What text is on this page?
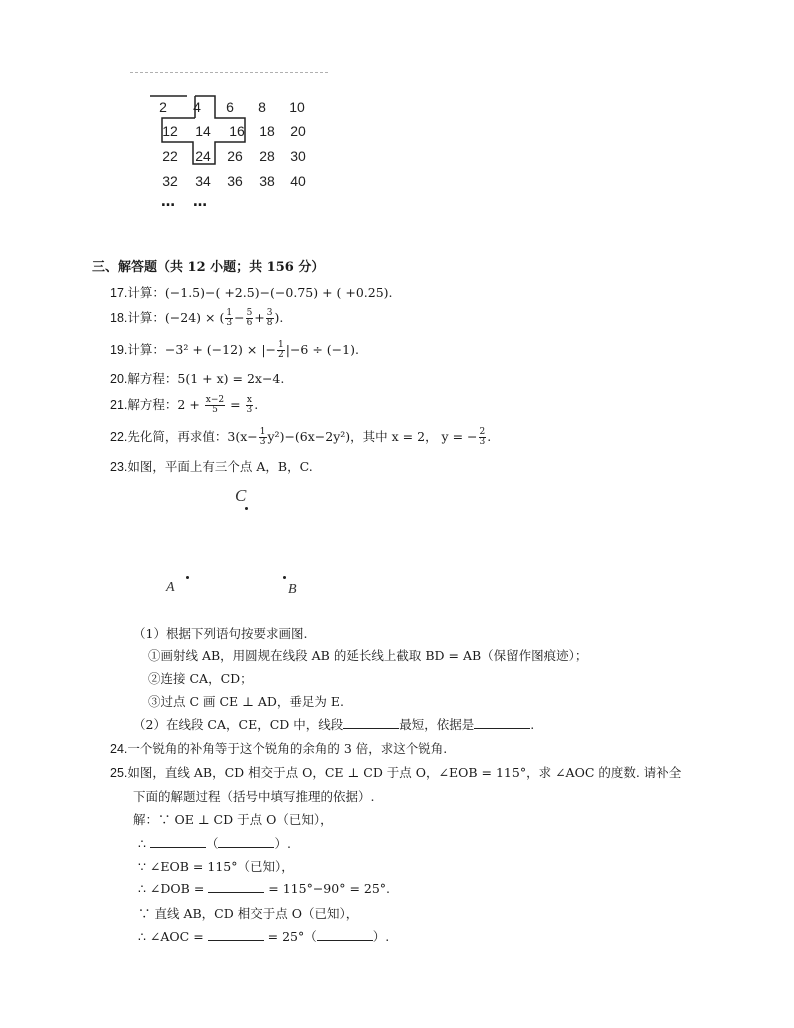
2	4	6	8	10
12	14	16	18	20
22	24	26	28	30
32	34	36	38	40
… …
三、解答题（共 12 小题；共 156 分）
17.计算：(−1.5)−( +2.5)−(−0.75) + ( +0.25).
18.计算：(−24) × ( $\frac{1}{3} - \frac{5}{6} + \frac{3}{8}$ ).
19.计算：−3² + (−12) × |− $\frac{1}{2} |-6 \div (-1)$.
20.解方程：5(1 + x) = 2x−4.
21.解方程：$2 + \frac{x-2}{5} = \frac{x}{3}$ .
22.先化简，再求值：$3(x- \frac{1}{3} y^2)-(6x-2y^2)$，其中 x = 2， y = − $\frac{2}{3}$ .
23.如图，平面上有三个点 A，B，C.
C
A	B
（1）根据下列语句按要求画图.
①画射线 AB，用圆规在线段 AB 的延长线上截取 BD = AB（保留作图痕迹）；
②连接 CA，CD；
③过点 C 画 CE ⊥ AD，垂足为 E.
（2）在线段 CA，CE，CD 中，线段	最短，依据是	.
24.一个锐角的补角等于这个锐角的余角的 3 倍，求这个锐角.
25.如图，直线 AB，CD 相交于点 O，CE ⊥ CD 于点 O，∠EOB = 115°，求 ∠AOC 的度数. 请补全
下面的解题过程（括号中填写推理的依据）.
解：∵ OE ⊥ CD 于点 O（已知），
∴	（	）.
∵ ∠EOB = 115°（已知），
∴ ∠DOB =	= 115°−90° = 25°.
∵ 直线 AB，CD 相交于点 O（已知），
∴ ∠AOC =	= 25°（	）.
